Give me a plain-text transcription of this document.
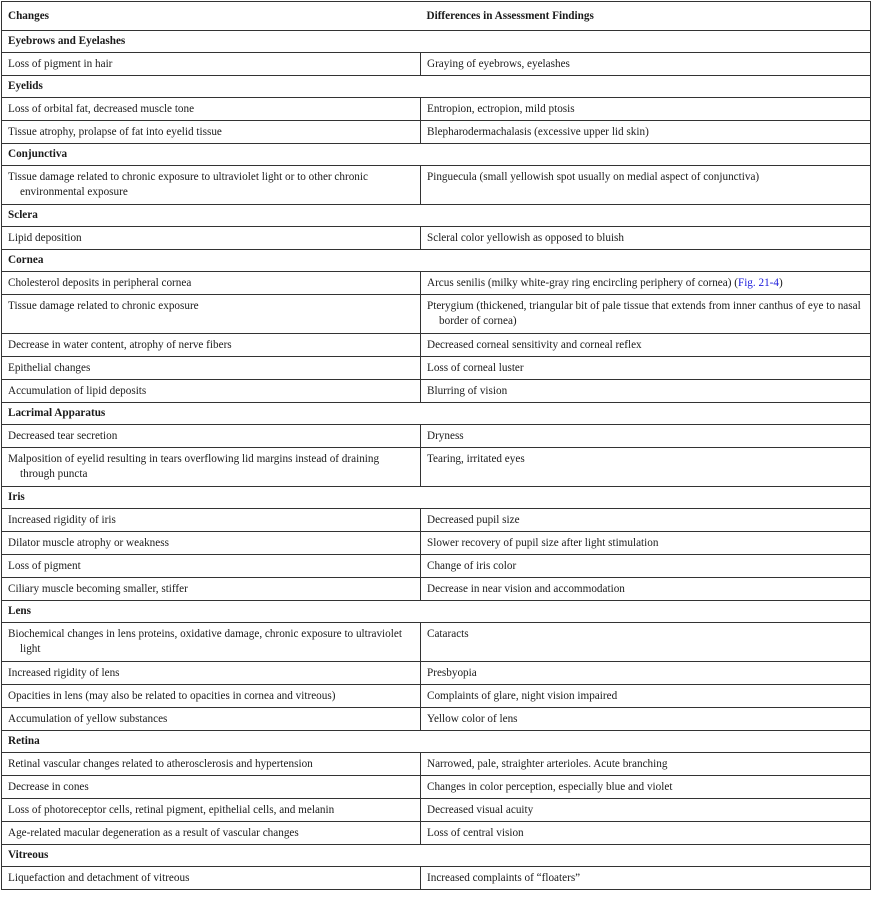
Changes	Differences in Assessment Findings
Eyebrows and Eyelashes	

Loss of pigment in hair	Graying of eyebrows, eyelashes

Eyelids	

Loss of orbital fat, decreased muscle tone	Entropion, ectropion, mild ptosis

Tissue atrophy, prolapse of fat into eyelid tissue	Blepharodermachalasis (excessive upper lid skin)

Conjunctiva	

Tissue damage related to chronic exposure to ultraviolet light or to other chronic environmental exposure	Pinguecula (small yellowish spot usually on medial aspect of conjunctiva)

Sclera	

Lipid deposition	Scleral color yellowish as opposed to bluish

Cornea	

Cholesterol deposits in peripheral cornea	Arcus senilis (milky white-gray ring encircling periphery of cornea) (Fig. 21-4)

Tissue damage related to chronic exposure	Pterygium (thickened, triangular bit of pale tissue that extends from inner canthus of eye to nasal border of cornea)

Decrease in water content, atrophy of nerve fibers	Decreased corneal sensitivity and corneal reflex

Epithelial changes	Loss of corneal luster

Accumulation of lipid deposits	Blurring of vision

Lacrimal Apparatus	

Decreased tear secretion	Dryness

Malposition of eyelid resulting in tears overflowing lid margins instead of draining through puncta	Tearing, irritated eyes

Iris	

Increased rigidity of iris	Decreased pupil size

Dilator muscle atrophy or weakness	Slower recovery of pupil size after light stimulation

Loss of pigment	Change of iris color

Ciliary muscle becoming smaller, stiffer	Decrease in near vision and accommodation

Lens	

Biochemical changes in lens proteins, oxidative damage, chronic exposure to ultraviolet light	Cataracts

Increased rigidity of lens	Presbyopia

Opacities in lens (may also be related to opacities in cornea and vitreous)	Complaints of glare, night vision impaired

Accumulation of yellow substances	Yellow color of lens

Retina	

Retinal vascular changes related to atherosclerosis and hypertension	Narrowed, pale, straighter arterioles. Acute branching

Decrease in cones	Changes in color perception, especially blue and violet

Loss of photoreceptor cells, retinal pigment, epithelial cells, and melanin	Decreased visual acuity

Age-related macular degeneration as a result of vascular changes	Loss of central vision

Vitreous	

Liquefaction and detachment of vitreous	Increased complaints of “floaters”
